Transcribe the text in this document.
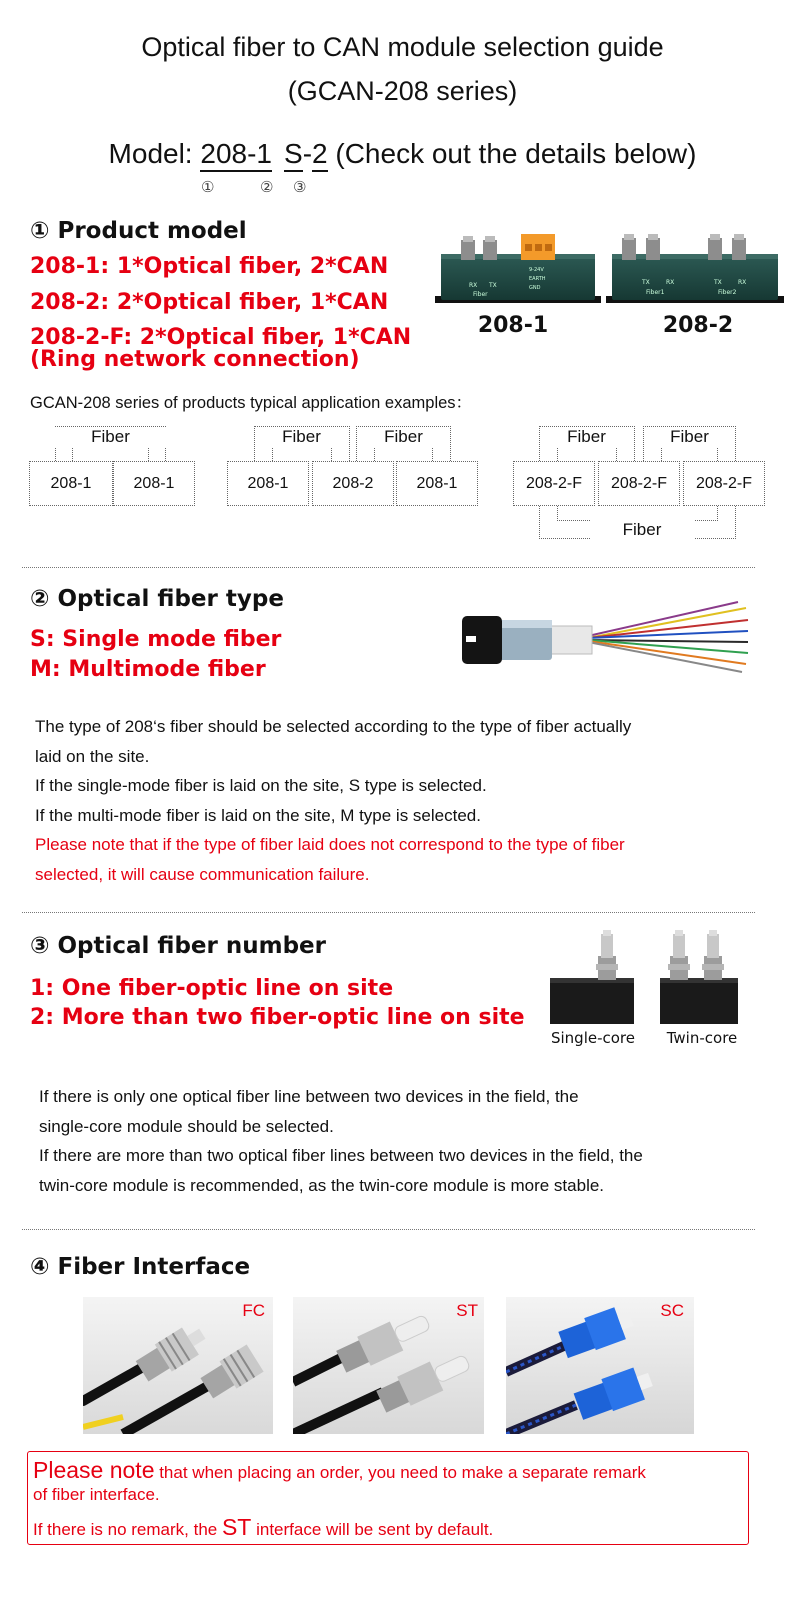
Optical fiber to CAN module selection guide
(GCAN-208 series)
Model: 208-1 S-2 (Check out the details below)
①	② ③
① Product model
208-1: 1*Optical fiber, 2*CAN
208-2: 2*Optical fiber, 1*CAN
208-2-F: 2*Optical fiber, 1*CAN
(Ring network connection)
RX TX
Fiber
9-24V
EARTH
GND
TX	RX
Fiber1
TX	RX
Fiber2
208-1	208-2
GCAN-208 series of products typical application examples：
Fiber
208-1	208-1
Fiber	Fiber
208-1	208-2	208-1
Fiber	Fiber
208-2-F	208-2-F	208-2-F
Fiber
② Optical fiber type
S: Single mode fiber
M: Multimode fiber
The type of 208‘s fiber should be selected according to the type of fiber actually
laid on the site.
If the single-mode fiber is laid on the site, S type is selected.
If the multi-mode fiber is laid on the site, M type is selected.
Please note that if the type of fiber laid does not correspond to the type of fiber
selected, it will cause communication failure.
③ Optical fiber number
1: One fiber-optic line on site
2: More than two fiber-optic line on site
Single-core	Twin-core
If there is only one optical fiber line between two devices in the field, the
single-core module should be selected.
If there are more than two optical fiber lines between two devices in the field, the
twin-core module is recommended, as the twin-core module is more stable.
④ Fiber Interface
FC	ST	SC
Please note that when placing an order, you need to make a separate remark
of fiber interface.
If there is no remark, the ST interface will be sent by default.
